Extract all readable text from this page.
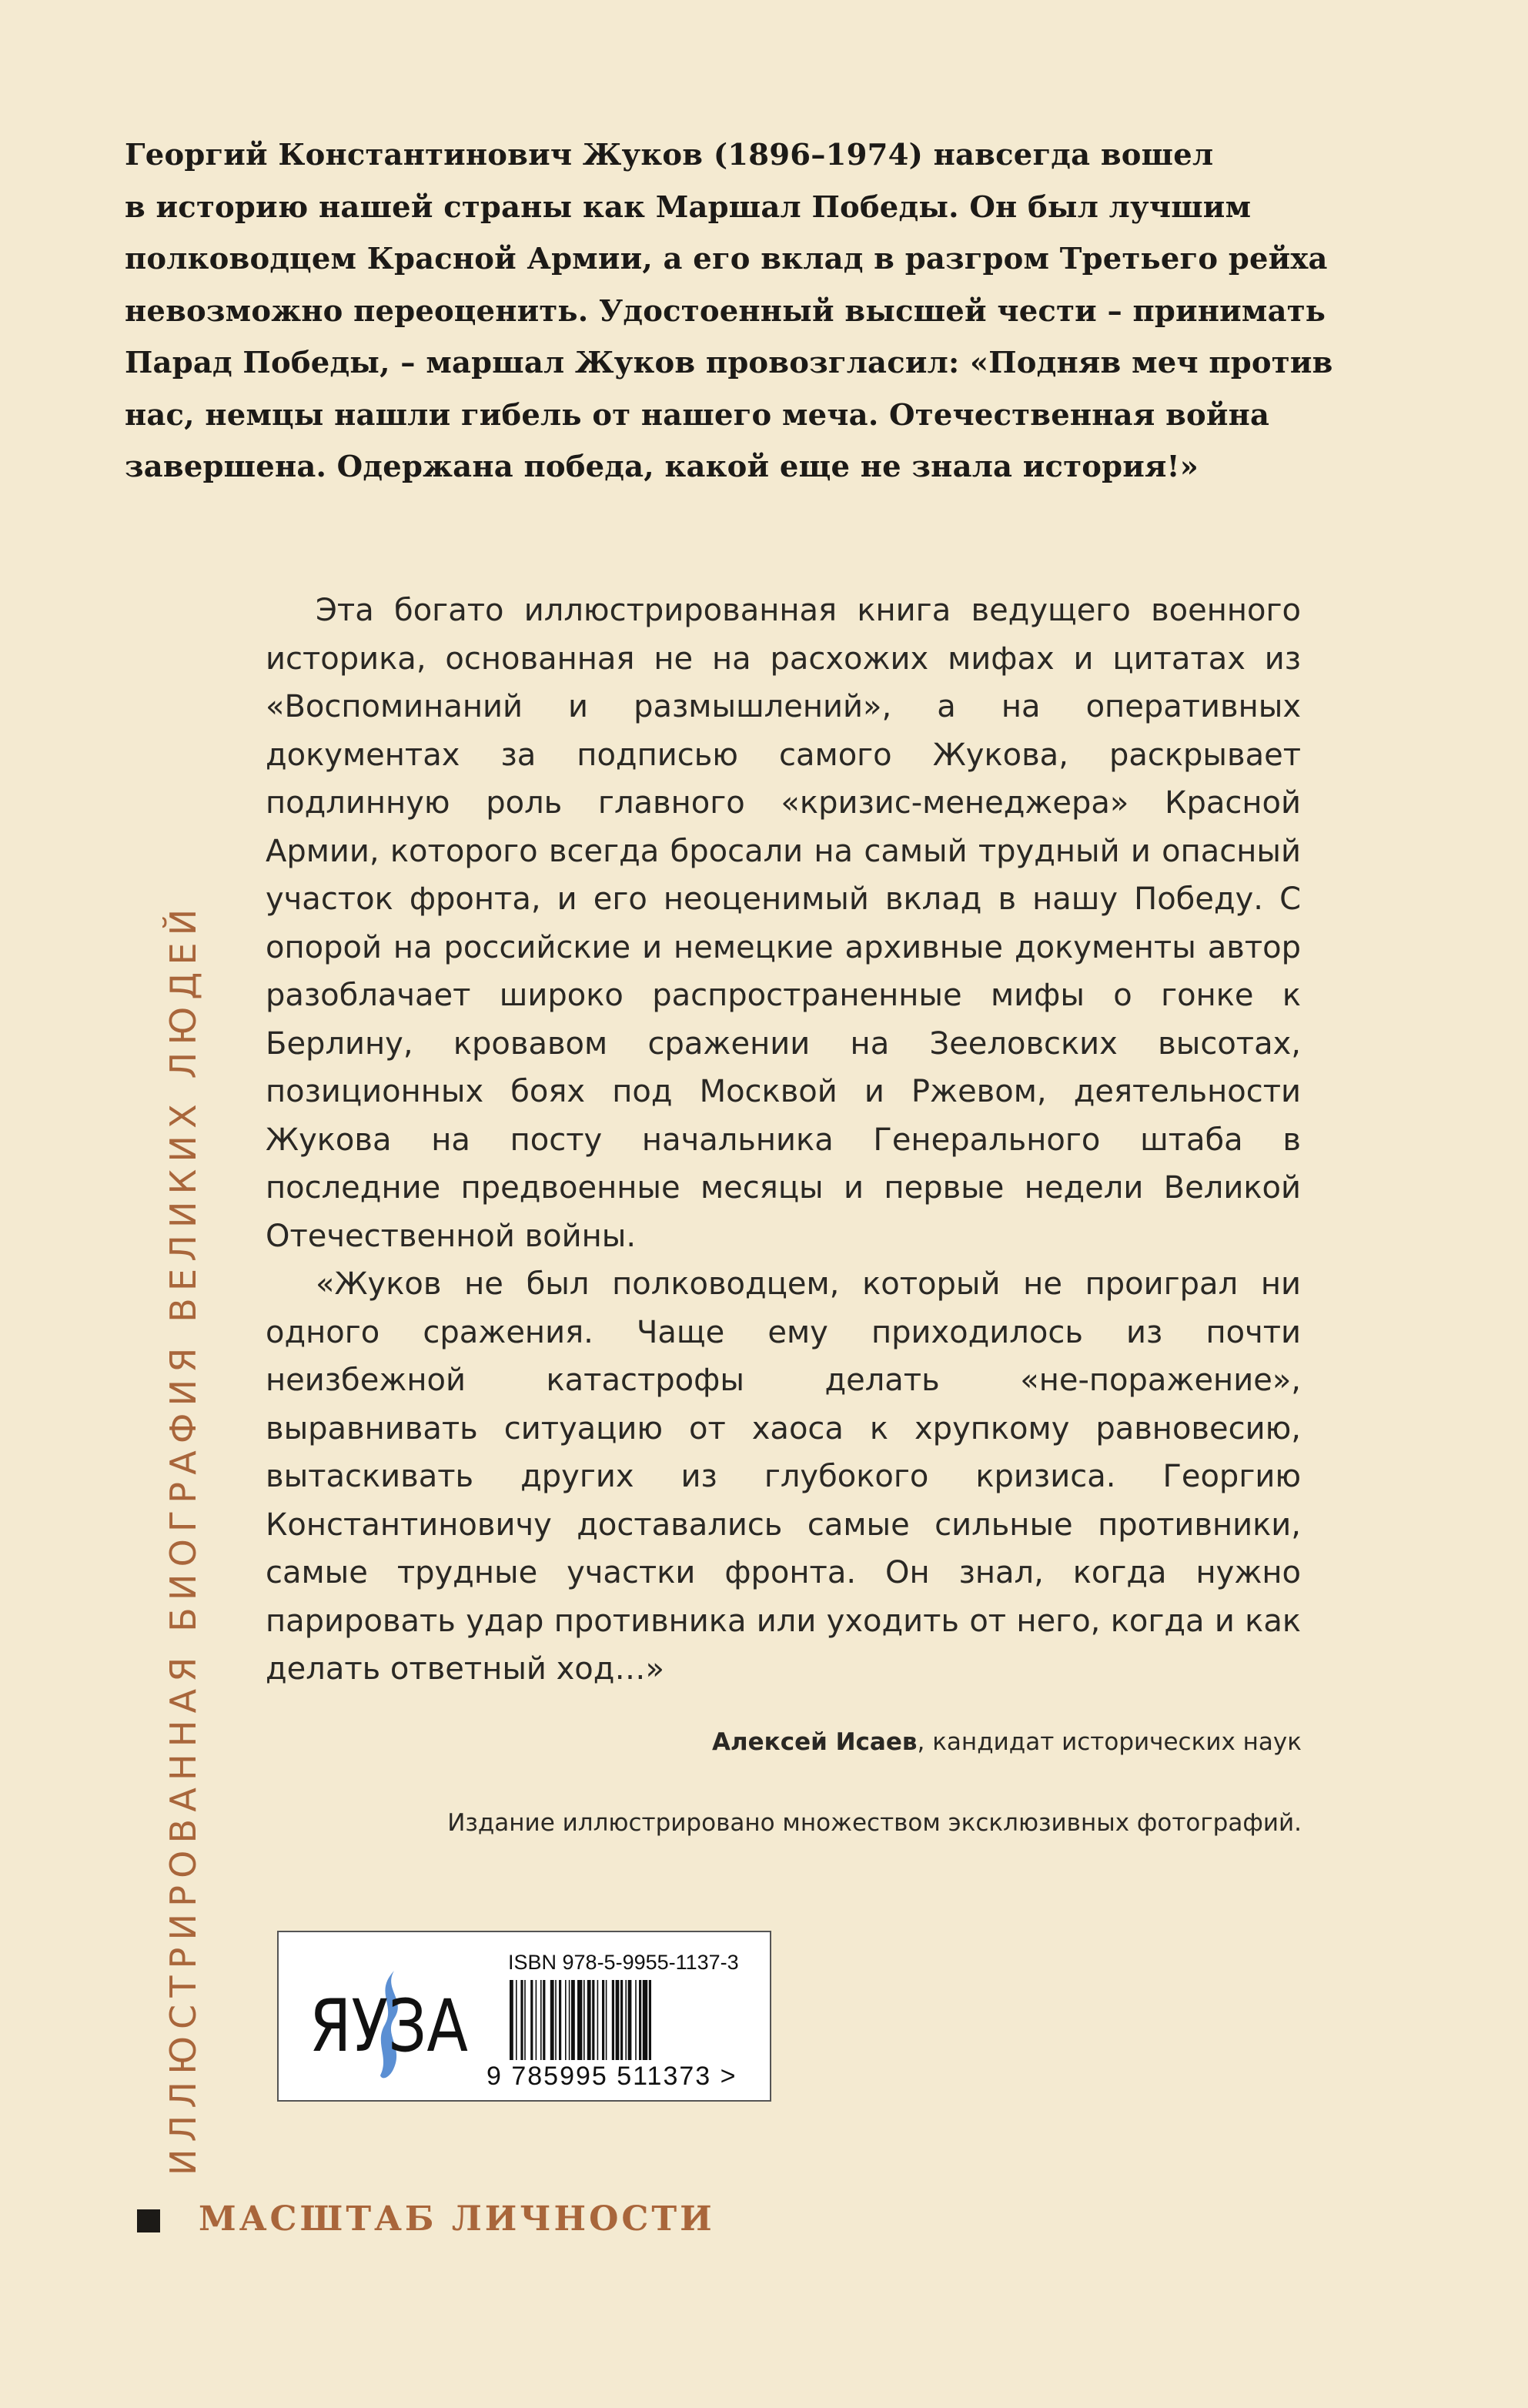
Георгий Константинович Жуков (1896–1974) навсегда вошел
в историю нашей страны как Маршал Победы. Он был лучшим
полководцем Красной Армии, а его вклад в разгром Третьего рейха
невозможно переоценить. Удостоенный высшей чести – принимать
Парад Победы, – маршал Жуков провозгласил: «Подняв меч против
нас, немцы нашли гибель от нашего меча. Отечественная война
завершена. Одержана победа, какой еще не знала история!»

Эта богато иллюстрированная книга ведущего военного историка, основанная не на расхожих мифах и цитатах из «Воспоминаний и размышлений», а на оперативных документах за подписью самого Жукова, раскрывает подлинную роль главного «кризис-менеджера» Красной Армии, которого всегда бросали на самый трудный и опасный участок фронта, и его неоценимый вклад в нашу Победу. С опорой на российские и немецкие архивные документы автор разоблачает широко распространенные мифы о гонке к Берлину, кровавом сражении на Зееловских высотах, позиционных боях под Москвой и Ржевом, деятельности Жукова на посту начальника Генерального штаба в последние предвоенные месяцы и первые недели Великой Отечественной войны.

«Жуков не был полководцем, который не проиграл ни одного сражения. Чаще ему приходилось из почти неизбежной катастрофы делать «не-поражение», выравнивать ситуацию от хаоса к хрупкому равновесию, вытаскивать других из глубокого кризиса. Георгию Константиновичу доставались самые сильные противники, самые трудные участки фронта. Он знал, когда нужно парировать удар противника или уходить от него, когда и как делать ответный ход…»

Алексей Исаев, кандидат исторических наук
Издание иллюстрировано множеством эксклюзивных фотографий.
ИЛЛЮСТРИРОВАННАЯ БИОГРАФИЯ ВЕЛИКИХ ЛЮДЕЙ
МАСШТАБ ЛИЧНОСТИ
ЯУЗА
ISBN 978-5-9955-1137-3
9 785995 511373 >
